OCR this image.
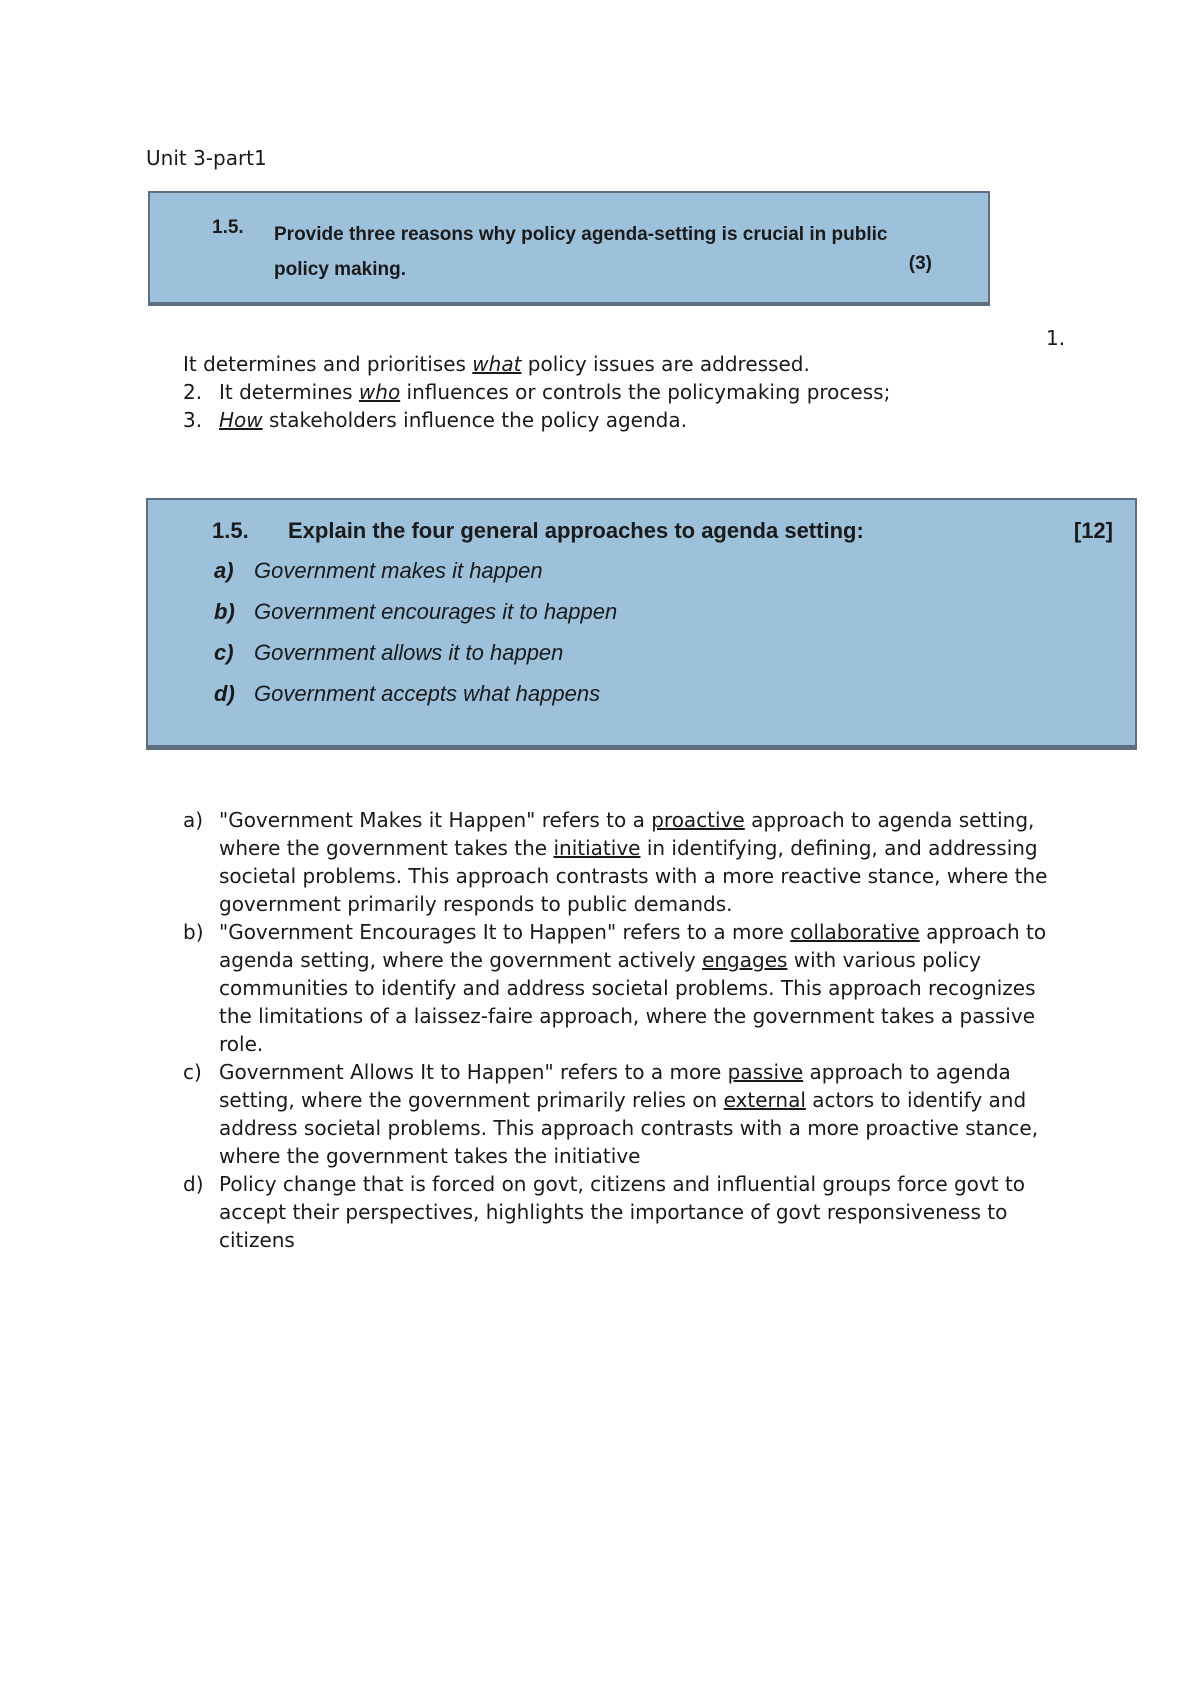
Unit 3-part1
1.5. Provide three reasons why policy agenda-setting is crucial in public policy making.	(3)
1.
It determines and prioritises what policy issues are addressed.
2. It determines who influences or controls the policymaking process;
3. How stakeholders influence the policy agenda.
1.5. Explain the four general approaches to agenda setting:	[12]
a) Government makes it happen
b) Government encourages it to happen
c) Government allows it to happen
d) Government accepts what happens
a) "Government Makes it Happen" refers to a proactive approach to agenda setting, where the government takes the initiative in identifying, defining, and addressing societal problems. This approach contrasts with a more reactive stance, where the government primarily responds to public demands.
b) "Government Encourages It to Happen" refers to a more collaborative approach to agenda setting, where the government actively engages with various policy communities to identify and address societal problems. This approach recognizes the limitations of a laissez-faire approach, where the government takes a passive role.
c) Government Allows It to Happen" refers to a more passive approach to agenda setting, where the government primarily relies on external actors to identify and address societal problems. This approach contrasts with a more proactive stance, where the government takes the initiative
d) Policy change that is forced on govt, citizens and influential groups force govt to accept their perspectives, highlights the importance of govt responsiveness to citizens
